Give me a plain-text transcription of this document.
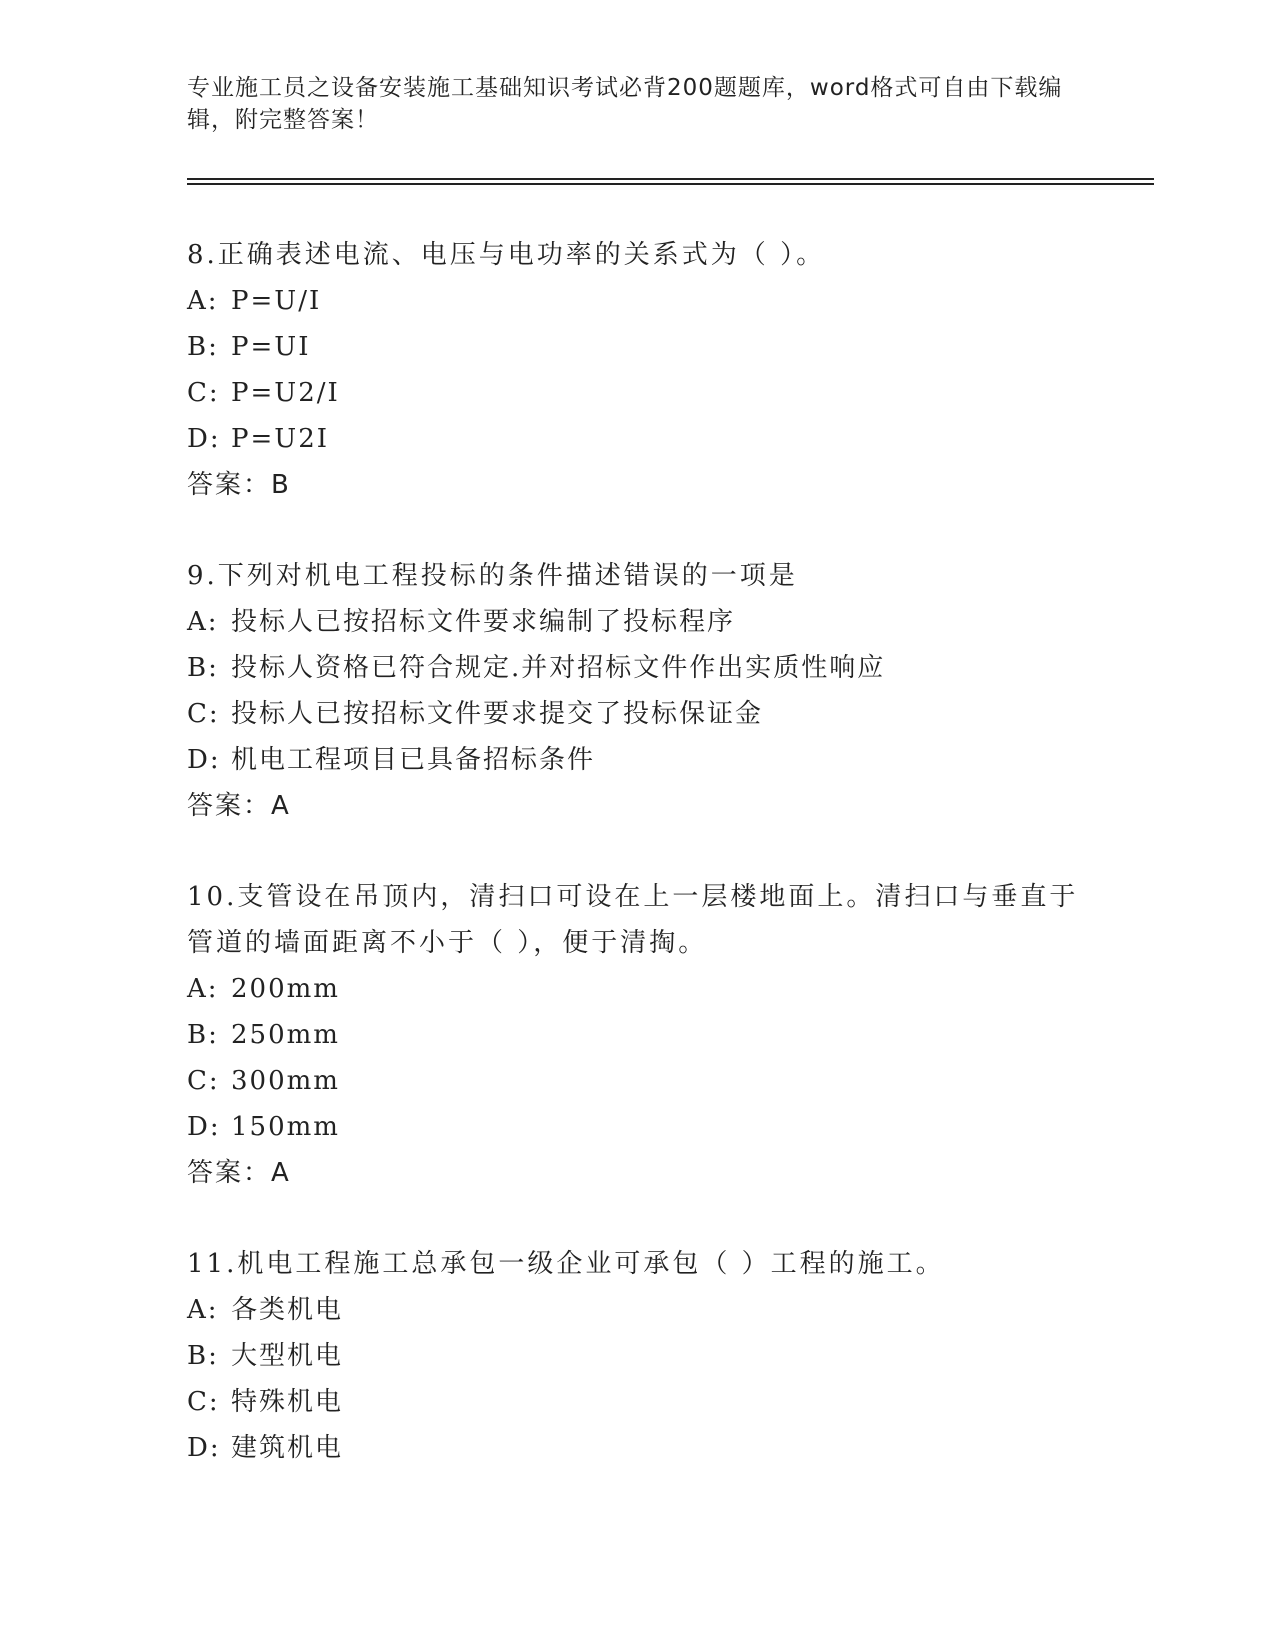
专业施工员之设备安装施工基础知识考试必背200题题库，word格式可自由下载编辑，附完整答案！

8.正确表述电流、电压与电功率的关系式为（ ）。

A: P=U/I
B: P=UI
C: P=U2/I
D: P=U2I
答案：B

9.下列对机电工程投标的条件描述错误的一项是

A: 投标人已按招标文件要求编制了投标程序
B: 投标人资格已符合规定.并对招标文件作出实质性响应
C: 投标人已按招标文件要求提交了投标保证金
D: 机电工程项目已具备招标条件
答案：A

10.支管设在吊顶内，清扫口可设在上一层楼地面上。清扫口与垂直于管道的墙面距离不小于（ ），便于清掏。

A: 200mm
B: 250mm
C: 300mm
D: 150mm
答案：A

11.机电工程施工总承包一级企业可承包（ ）工程的施工。

A: 各类机电
B: 大型机电
C: 特殊机电
D: 建筑机电
